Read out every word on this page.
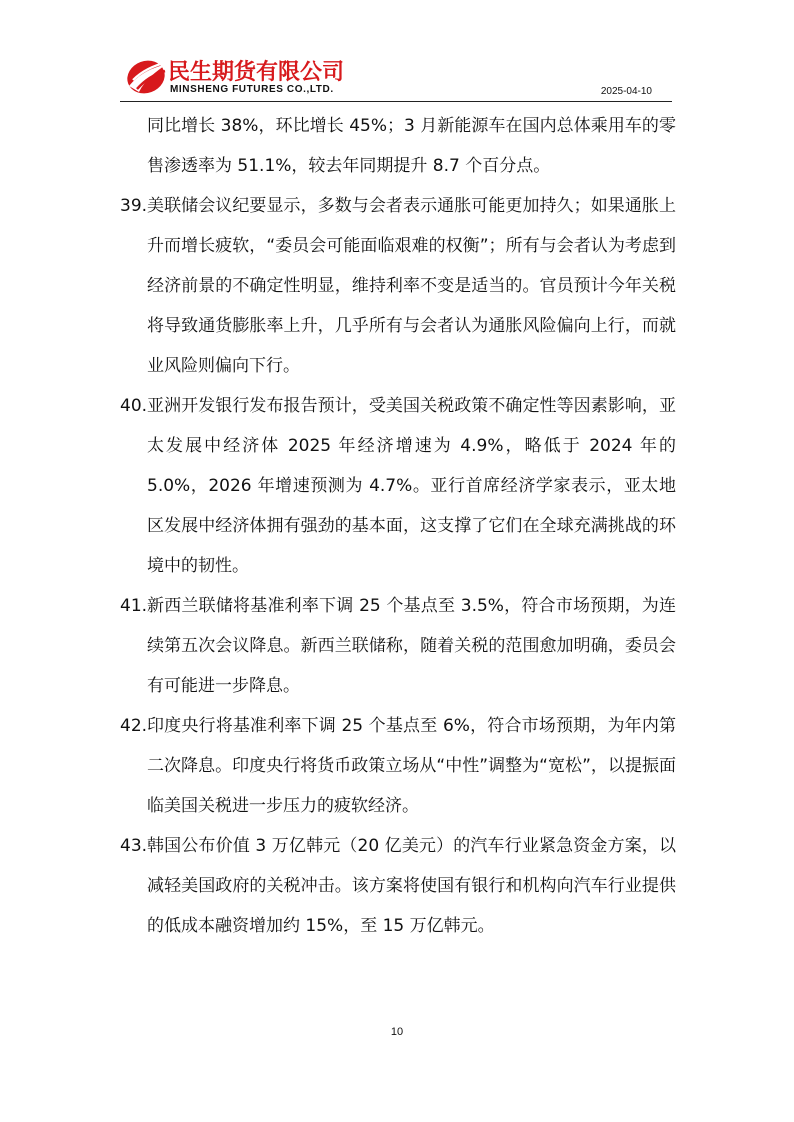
民生期货有限公司
MINSHENG FUTURES CO.,LTD.	2025-04-10

同比增长 38%，环比增长 45%；3 月新能源车在国内总体乘用车的零售渗透率为 51.1%，较去年同期提升 8.7 个百分点。

39. 美联储会议纪要显示，多数与会者表示通胀可能更加持久；如果通胀上升而增长疲软，“委员会可能面临艰难的权衡”；所有与会者认为考虑到经济前景的不确定性明显，维持利率不变是适当的。官员预计今年关税将导致通货膨胀率上升，几乎所有与会者认为通胀风险偏向上行，而就业风险则偏向下行。

40. 亚洲开发银行发布报告预计，受美国关税政策不确定性等因素影响，亚太发展中经济体 2025 年经济增速为 4.9%，略低于 2024 年的 5.0%，2026 年增速预测为 4.7%。亚行首席经济学家表示，亚太地区发展中经济体拥有强劲的基本面，这支撑了它们在全球充满挑战的环境中的韧性。

41. 新西兰联储将基准利率下调 25 个基点至 3.5%，符合市场预期，为连续第五次会议降息。新西兰联储称，随着关税的范围愈加明确，委员会有可能进一步降息。

42. 印度央行将基准利率下调 25 个基点至 6%，符合市场预期，为年内第二次降息。印度央行将货币政策立场从“中性”调整为“宽松”，以提振面临美国关税进一步压力的疲软经济。

43. 韩国公布价值 3 万亿韩元（20 亿美元）的汽车行业紧急资金方案，以减轻美国政府的关税冲击。该方案将使国有银行和机构向汽车行业提供的低成本融资增加约 15%，至 15 万亿韩元。

10
